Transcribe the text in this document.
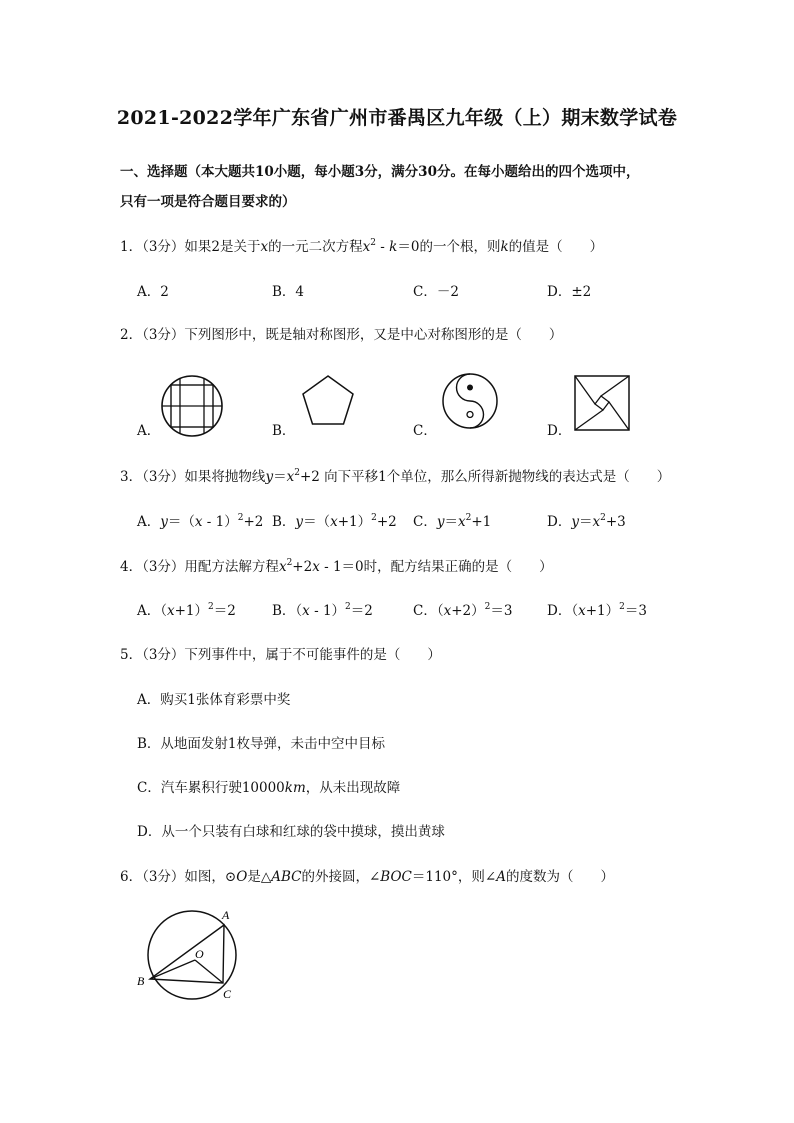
2021-2022学年广东省广州市番禺区九年级（上）期末数学试卷
一、选择题（本大题共10小题，每小题3分，满分30分。在每小题给出的四个选项中，
只有一项是符合题目要求的）
1．（3分）如果2是关于x的一元二次方程$x^2 - k=0$的一个根，则k的值是（　　）
A．2	B．4	C．－2	D．±2
2．（3分）下列图形中，既是轴对称图形，又是中心对称图形的是（　　）
A．	B．	C．	D．
3．（3分）如果将抛物线$y=x^2+2$ 向下平移1个单位，那么所得新抛物线的表达式是（　　）
A．y＝（x - 1）$^2$+2 B．$y=(x+1)^2+2$ C．$y=x^2+1$	D．$y=x^2+3$
4．（3分）用配方法解方程$x^2+2x - 1=0$时，配方结果正确的是（　　）
A．$(x+1)^2=2$	B．（x - 1）$^2$＝2	C．$(x+2)^2=3$	D．$(x+1)^2=3$
5．（3分）下列事件中，属于不可能事件的是（　　）
A．购买1张体育彩票中奖
B．从地面发射1枚导弹，未击中空中目标
C．汽车累积行驶10000km，从未出现故障
D．从一个只装有白球和红球的袋中摸球，摸出黄球
6．（3分）如图，⊙O是△ABC的外接圆，∠BOC＝110°，则∠A的度数为（　　）
A
B
C
O
